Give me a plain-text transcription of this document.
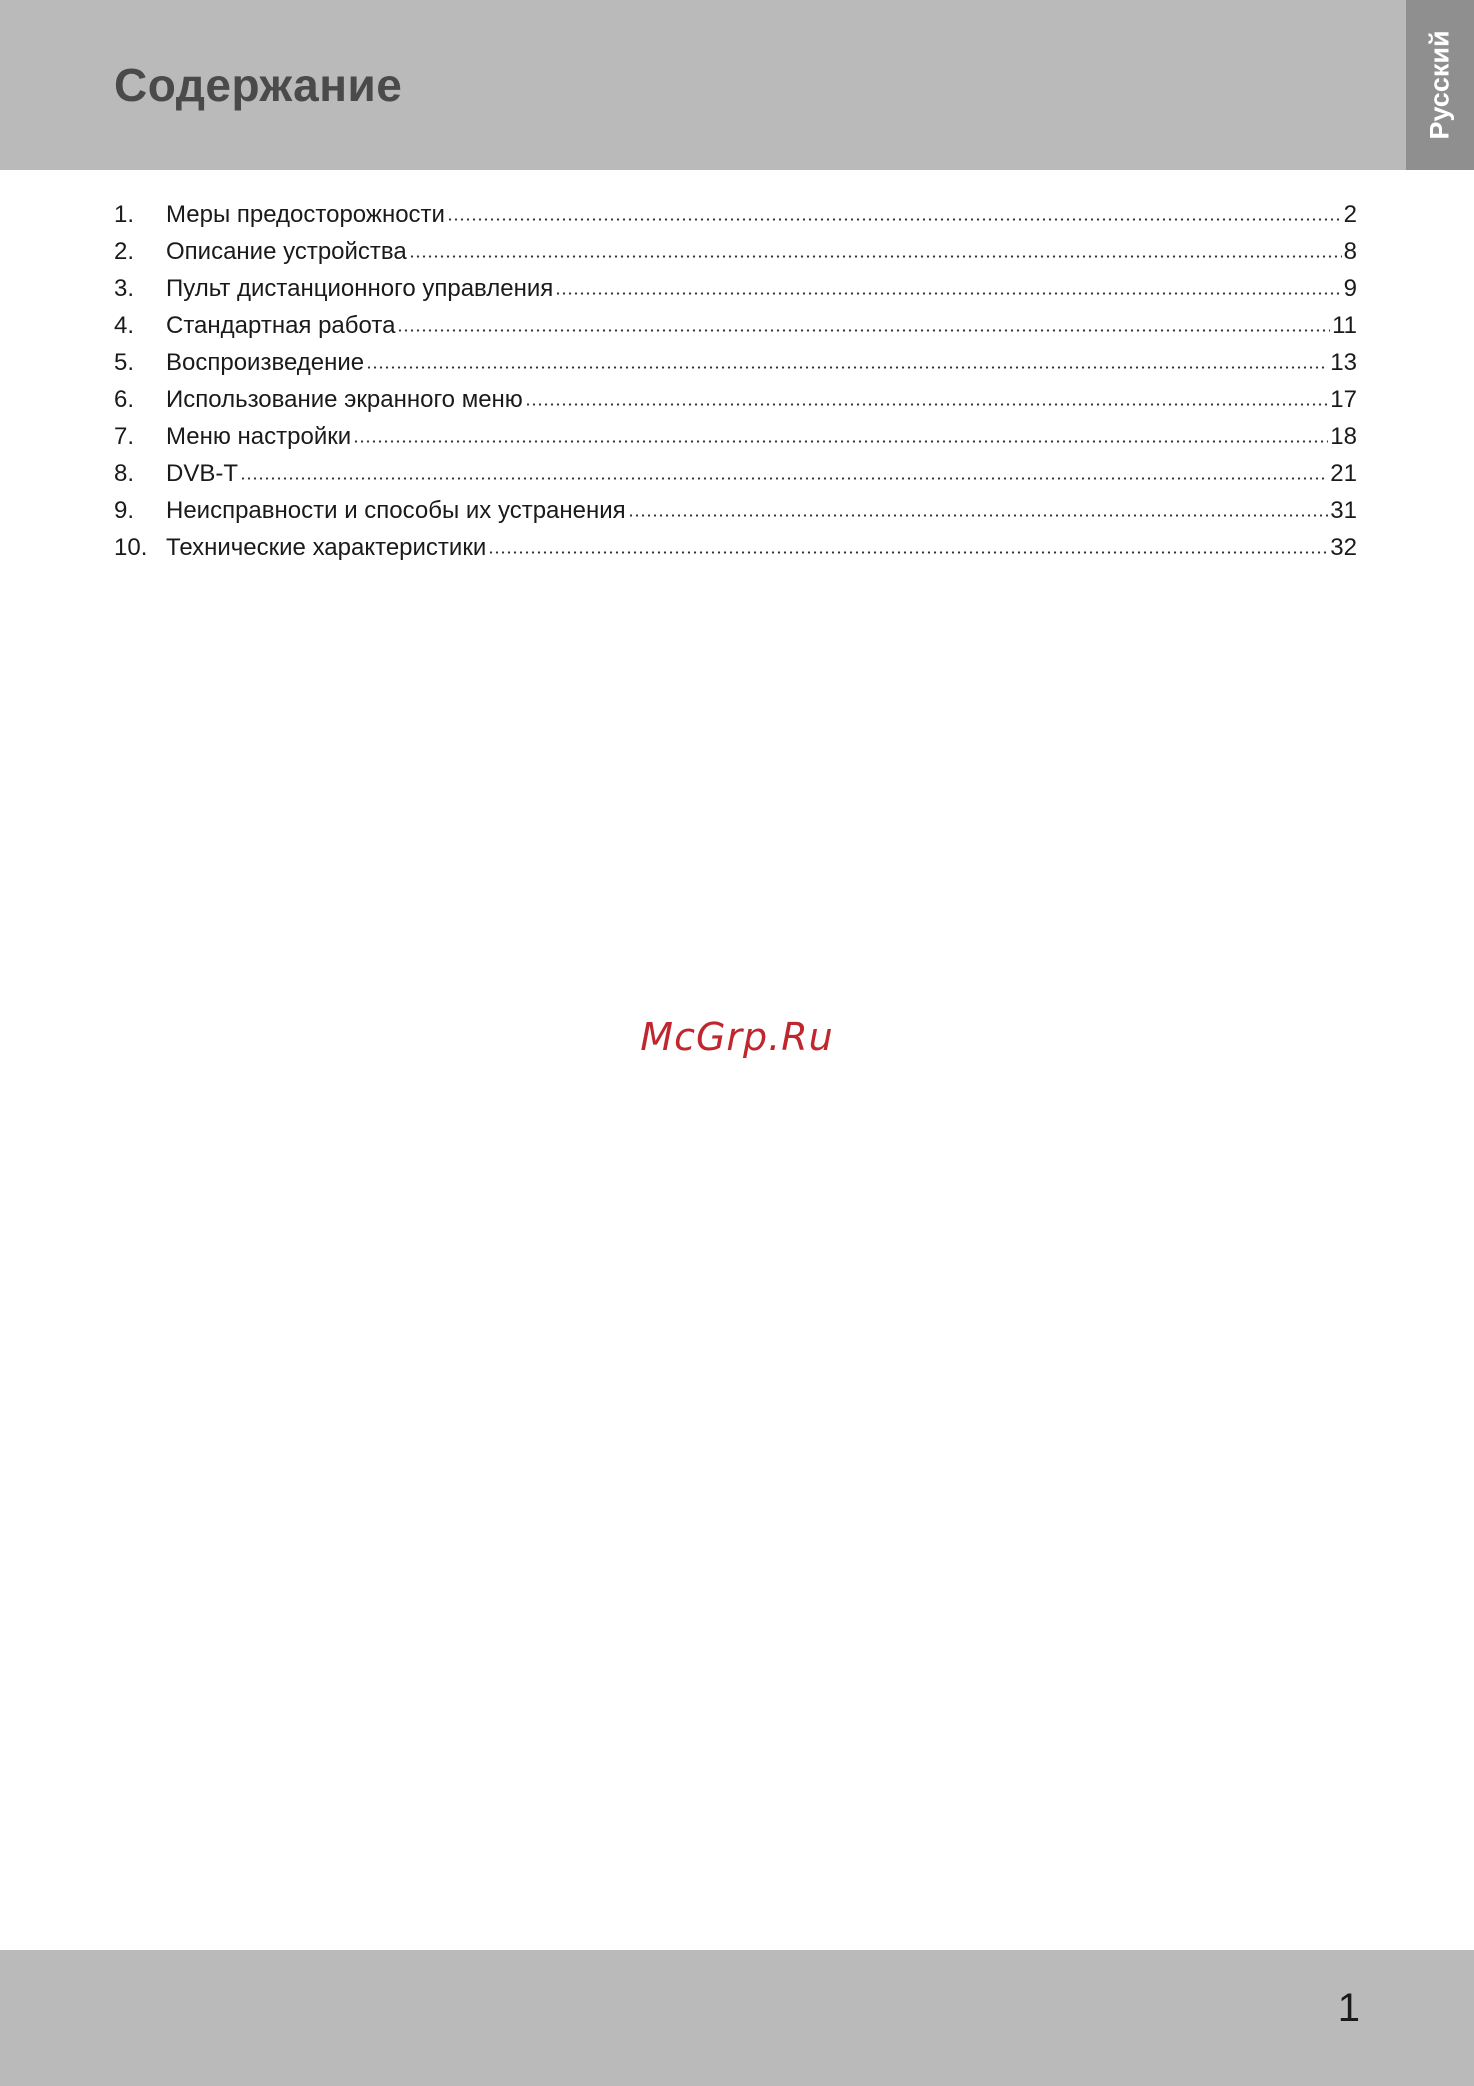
Содержание	Русский
1.	Меры предосторожности	2
2.	Описание устройства	8
3.	Пульт дистанционного управления	9
4.	Стандартная работа	11
5.	Воспроизведение	13
6.	Использование экранного меню	17
7.	Меню настройки	18
8.	DVB-T	21
9.	Неисправности и способы их устранения	31
10. Технические характеристики	32
McGrp.Ru
1
